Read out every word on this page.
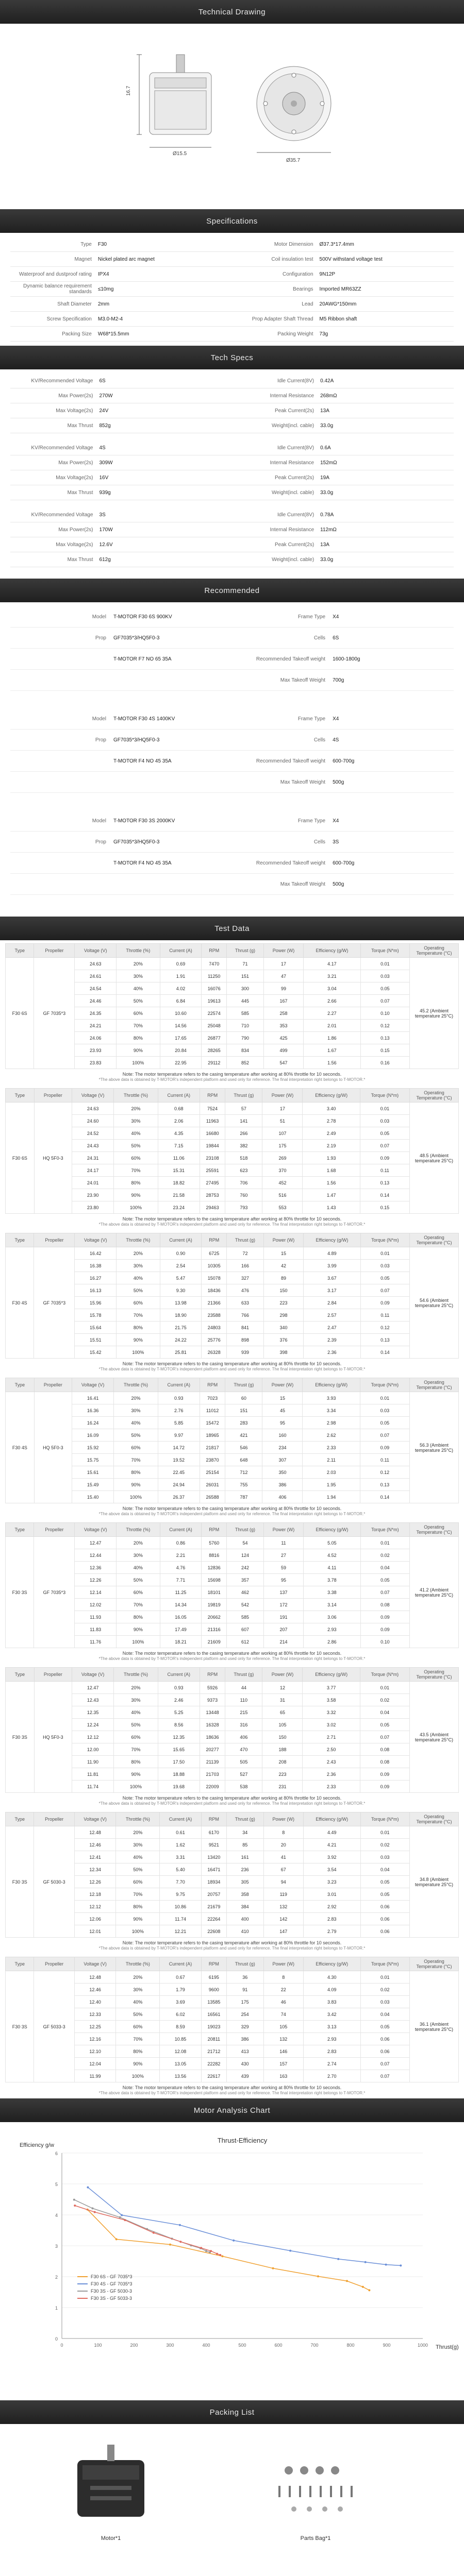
Technical Drawing
16.7
Ø15.5
Ø35.7
Specifications
Type	F30	Motor Dimension	Ø37.3*17.4mm
Magnet	Nickel plated arc magnet	Coil insulation test	500V withstand voltage test
Waterproof and dustproof rating	IPX4	Configuration	9N12P
Dynamic balance requirement standards	≤10mg	Bearings	Imported MR63ZZ
Shaft Diameter	2mm	Lead	20AWG*150mm
Screw Specification	M3.0-M2-4	Prop Adapter Shaft Thread	M5 Ribbon shaft
Packing Size	W68*15.5mm	Packing Weight	73g
Tech Specs
KV/Recommended Voltage	6S	Idle Current(8V)	0.42A
Max Power(2s)	270W	Internal Resistance	268mΩ
Max Voltage(2s)	24V	Peak Current(2s)	13A
Max Thrust	852g	Weight(incl. cable)	33.0g
KV/Recommended Voltage	4S	Idle Current(8V)	0.6A
Max Power(2s)	309W	Internal Resistance	152mΩ
Max Voltage(2s)	16V	Peak Current(2s)	19A
Max Thrust	939g	Weight(incl. cable)	33.0g
KV/Recommended Voltage	3S	Idle Current(8V)	0.78A
Max Power(2s)	170W	Internal Resistance	112mΩ
Max Voltage(2s)	12.6V	Peak Current(2s)	13A
Max Thrust	612g	Weight(incl. cable)	33.0g
Recommended
Model	T-MOTOR F30 6S 900KV	Frame Type	X4
Prop	GF7035*3/HQ5F0-3	Cells	6S
T-MOTOR F7 NO 65 35A	Recommended Takeoff weight	1600-1800g
Max Takeoff Weight	700g
Model	T-MOTOR F30 4S 1400KV	Frame Type	X4
Prop	GF7035*3/HQ5F0-3	Cells	4S
T-MOTOR F4 NO 45 35A	Recommended Takeoff weight	600-700g
Max Takeoff Weight	500g
Model	T-MOTOR F30 3S 2000KV	Frame Type	X4
Prop	GF7035*3/HQ5F0-3	Cells	3S
T-MOTOR F4 NO 45 35A	Recommended Takeoff weight	600-700g
Max Takeoff Weight	500g
Test Data
Type	Propeller	Voltage (V)	Throttle (%)	Current (A)	RPM	Thrust (g)	Power (W)	Efficiency (g/W)	Torque (N*m)	Operating Temperature (°C)
F30 6S	GF 7035*3	24.63	20%	0.69	7470	71	17	4.17	0.01	45.2 (Ambient temperature 25°C)
		24.61	30%	1.91	11250	151	47	3.21	0.03	
		24.54	40%	4.02	16076	300	99	3.04	0.05	
		24.46	50%	6.84	19613	445	167	2.66	0.07	
		24.35	60%	10.60	22574	585	258	2.27	0.10	
		24.21	70%	14.56	25048	710	353	2.01	0.12	
		24.06	80%	17.65	26877	790	425	1.86	0.13	
		23.93	90%	20.84	28265	834	499	1.67	0.15	
		23.83	100%	22.95	29112	852	547	1.56	0.16	
Note: The motor temperature refers to the casing temperature after working at 80% throttle for 10 seconds.
*The above data is obtained by T-MOTOR's independent platform and used only for reference. The final interpretation right belongs to T-MOTOR.*
Type	Propeller	Voltage (V)	Throttle (%)	Current (A)	RPM	Thrust (g)	Power (W)	Efficiency (g/W)	Torque (N*m)	Operating Temperature (°C)
F30 6S	HQ 5F0-3	24.63	20%	0.68	7524	57	17	3.40	0.01	48.5 (Ambient temperature 25°C)
		24.60	30%	2.06	11963	141	51	2.78	0.03	
		24.52	40%	4.35	16680	266	107	2.49	0.05	
		24.43	50%	7.15	19844	382	175	2.19	0.07	
		24.31	60%	11.06	23108	518	269	1.93	0.09	
		24.17	70%	15.31	25591	623	370	1.68	0.11	
		24.01	80%	18.82	27495	706	452	1.56	0.13	
		23.90	90%	21.58	28753	760	516	1.47	0.14	
		23.80	100%	23.24	29463	793	553	1.43	0.15	
Note: The motor temperature refers to the casing temperature after working at 80% throttle for 10 seconds.
*The above data is obtained by T-MOTOR's independent platform and used only for reference. The final interpretation right belongs to T-MOTOR.*
Type	Propeller	Voltage (V)	Throttle (%)	Current (A)	RPM	Thrust (g)	Power (W)	Efficiency (g/W)	Torque (N*m)	Operating Temperature (°C)
F30 4S	GF 7035*3	16.42	20%	0.90	6725	72	15	4.89	0.01	54.6 (Ambient temperature 25°C)
		16.38	30%	2.54	10305	166	42	3.99	0.03	
		16.27	40%	5.47	15078	327	89	3.67	0.05	
		16.13	50%	9.30	18436	476	150	3.17	0.07	
		15.96	60%	13.98	21366	633	223	2.84	0.09	
		15.78	70%	18.90	23588	766	298	2.57	0.11	
		15.64	80%	21.75	24803	841	340	2.47	0.12	
		15.51	90%	24.22	25776	898	376	2.39	0.13	
		15.42	100%	25.81	26328	939	398	2.36	0.14	
Note: The motor temperature refers to the casing temperature after working at 80% throttle for 10 seconds.
*The above data is obtained by T-MOTOR's independent platform and used only for reference. The final interpretation right belongs to T-MOTOR.*
Type	Propeller	Voltage (V)	Throttle (%)	Current (A)	RPM	Thrust (g)	Power (W)	Efficiency (g/W)	Torque (N*m)	Operating Temperature (°C)
F30 4S	HQ 5F0-3	16.41	20%	0.93	7023	60	15	3.93	0.01	56.3 (Ambient temperature 25°C)
		16.36	30%	2.76	11012	151	45	3.34	0.03	
		16.24	40%	5.85	15472	283	95	2.98	0.05	
		16.09	50%	9.97	18965	421	160	2.62	0.07	
		15.92	60%	14.72	21817	546	234	2.33	0.09	
		15.75	70%	19.52	23870	648	307	2.11	0.11	
		15.61	80%	22.45	25154	712	350	2.03	0.12	
		15.49	90%	24.94	26031	755	386	1.95	0.13	
		15.40	100%	26.37	26588	787	406	1.94	0.14	
Note: The motor temperature refers to the casing temperature after working at 80% throttle for 10 seconds.
*The above data is obtained by T-MOTOR's independent platform and used only for reference. The final interpretation right belongs to T-MOTOR.*
Type	Propeller	Voltage (V)	Throttle (%)	Current (A)	RPM	Thrust (g)	Power (W)	Efficiency (g/W)	Torque (N*m)	Operating Temperature (°C)
F30 3S	GF 7035*3	12.47	20%	0.86	5760	54	11	5.05	0.01	41.2 (Ambient temperature 25°C)
		12.44	30%	2.21	8816	124	27	4.52	0.02	
		12.36	40%	4.76	12836	242	59	4.11	0.04	
		12.26	50%	7.71	15698	357	95	3.78	0.05	
		12.14	60%	11.25	18101	462	137	3.38	0.07	
		12.02	70%	14.34	19819	542	172	3.14	0.08	
		11.93	80%	16.05	20662	585	191	3.06	0.09	
		11.83	90%	17.49	21316	607	207	2.93	0.09	
		11.76	100%	18.21	21609	612	214	2.86	0.10	
Note: The motor temperature refers to the casing temperature after working at 80% throttle for 10 seconds.
*The above data is obtained by T-MOTOR's independent platform and used only for reference. The final interpretation right belongs to T-MOTOR.*
Type	Propeller	Voltage (V)	Throttle (%)	Current (A)	RPM	Thrust (g)	Power (W)	Efficiency (g/W)	Torque (N*m)	Operating Temperature (°C)
F30 3S	HQ 5F0-3	12.47	20%	0.93	5926	44	12	3.77	0.01	43.5 (Ambient temperature 25°C)
		12.43	30%	2.46	9373	110	31	3.58	0.02	
		12.35	40%	5.25	13448	215	65	3.32	0.04	
		12.24	50%	8.56	16328	316	105	3.02	0.05	
		12.12	60%	12.35	18636	406	150	2.71	0.07	
		12.00	70%	15.65	20277	470	188	2.50	0.08	
		11.90	80%	17.50	21139	505	208	2.43	0.08	
		11.81	90%	18.88	21703	527	223	2.36	0.09	
		11.74	100%	19.68	22009	538	231	2.33	0.09	
Note: The motor temperature refers to the casing temperature after working at 80% throttle for 10 seconds.
*The above data is obtained by T-MOTOR's independent platform and used only for reference. The final interpretation right belongs to T-MOTOR.*
Type	Propeller	Voltage (V)	Throttle (%)	Current (A)	RPM	Thrust (g)	Power (W)	Efficiency (g/W)	Torque (N*m)	Operating Temperature (°C)
F30 3S	GF 5030-3	12.48	20%	0.61	6170	34	8	4.49	0.01	34.8 (Ambient temperature 25°C)
		12.46	30%	1.62	9521	85	20	4.21	0.02	
		12.41	40%	3.31	13420	161	41	3.92	0.03	
		12.34	50%	5.40	16471	236	67	3.54	0.04	
		12.26	60%	7.70	18934	305	94	3.23	0.05	
		12.18	70%	9.75	20757	358	119	3.01	0.05	
		12.12	80%	10.86	21679	384	132	2.92	0.06	
		12.06	90%	11.74	22264	400	142	2.83	0.06	
		12.01	100%	12.21	22608	410	147	2.79	0.06	
Note: The motor temperature refers to the casing temperature after working at 80% throttle for 10 seconds.
*The above data is obtained by T-MOTOR's independent platform and used only for reference. The final interpretation right belongs to T-MOTOR.*
Type	Propeller	Voltage (V)	Throttle (%)	Current (A)	RPM	Thrust (g)	Power (W)	Efficiency (g/W)	Torque (N*m)	Operating Temperature (°C)
F30 3S	GF 5033-3	12.48	20%	0.67	6195	36	8	4.30	0.01	36.1 (Ambient temperature 25°C)
		12.46	30%	1.79	9600	91	22	4.09	0.02	
		12.40	40%	3.69	13585	175	46	3.83	0.03	
		12.33	50%	6.02	16561	254	74	3.42	0.04	
		12.25	60%	8.59	19023	329	105	3.13	0.05	
		12.16	70%	10.85	20811	386	132	2.93	0.06	
		12.10	80%	12.08	21712	413	146	2.83	0.06	
		12.04	90%	13.05	22282	430	157	2.74	0.07	
		11.99	100%	13.56	22617	439	163	2.70	0.07	
Note: The motor temperature refers to the casing temperature after working at 80% throttle for 10 seconds.
*The above data is obtained by T-MOTOR's independent platform and used only for reference. The final interpretation right belongs to T-MOTOR.*
Motor Analysis Chart
Thrust-Efficiency
Efficiency g/w
Thrust(g)
0
1
2
3
4
5
6
0	100	200	300	400	500	600	700	800	900	1000
F30 6S - GF 7035*3
F30 4S - GF 7035*3
F30 3S - GF 5030-3
F30 3S - GF 5033-3
Packing List
Motor*1	Parts Bag*1
